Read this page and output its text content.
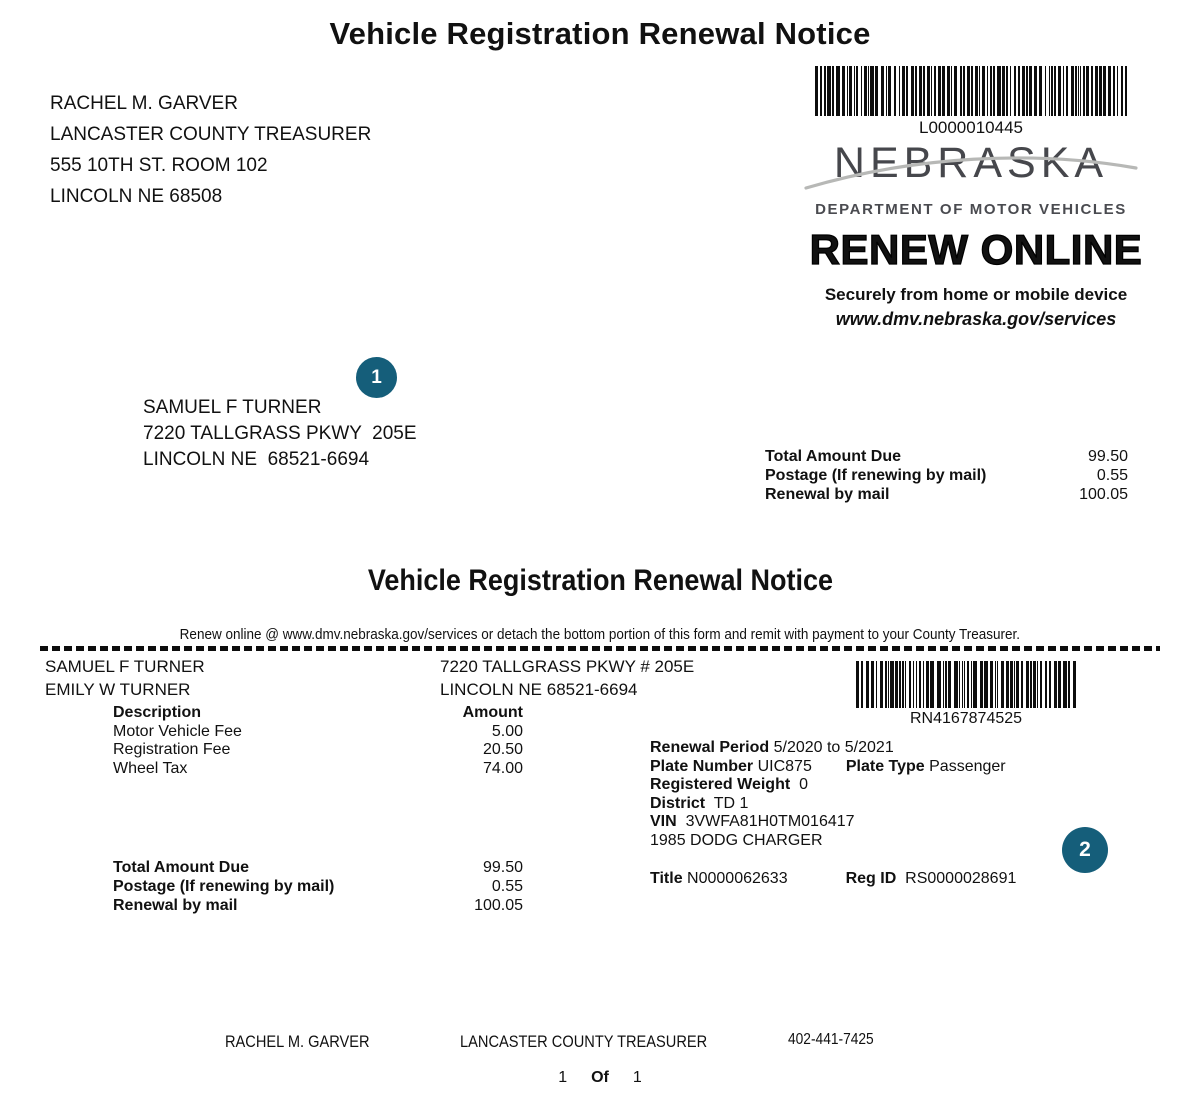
Vehicle Registration Renewal Notice
RACHEL M. GARVER
LANCASTER COUNTY TREASURER
555 10TH ST. ROOM 102
LINCOLN NE 68508
L0000010445
NEBRASKA
DEPARTMENT OF MOTOR VEHICLES
RENEW ONLINE
Securely from home or mobile device
www.dmv.nebraska.gov/services
1
SAMUEL F TURNER
7220 TALLGRASS PKWY  205E
LINCOLN NE  68521-6694	Total Amount Due	99.50
Postage (If renewing by mail)	0.55
Renewal by mail	100.05
Vehicle Registration Renewal Notice
Renew online @ www.dmv.nebraska.gov/services or detach the bottom portion of this form and remit with payment to your County Treasurer.
SAMUEL F TURNER
EMILY W TURNER
7220 TALLGRASS PKWY # 205E
LINCOLN NE 68521-6694
RN4167874525
Description	Amount
Motor Vehicle Fee	5.00
Registration Fee	20.50
Wheel Tax	74.00
Renewal Period 5/2020 to 5/2021
Plate Number UIC875 Plate Type Passenger
Registered Weight 0
District TD 1
VIN 3VWFA81H0TM016417
1985 DODG CHARGER
Total Amount Due	99.50
Postage (If renewing by mail)	0.55
Renewal by mail	100.05
Title N0000062633	Reg ID RS0000028691
2
RACHEL M. GARVER	LANCASTER COUNTY TREASURER	402-441-7425
1 Of 1
